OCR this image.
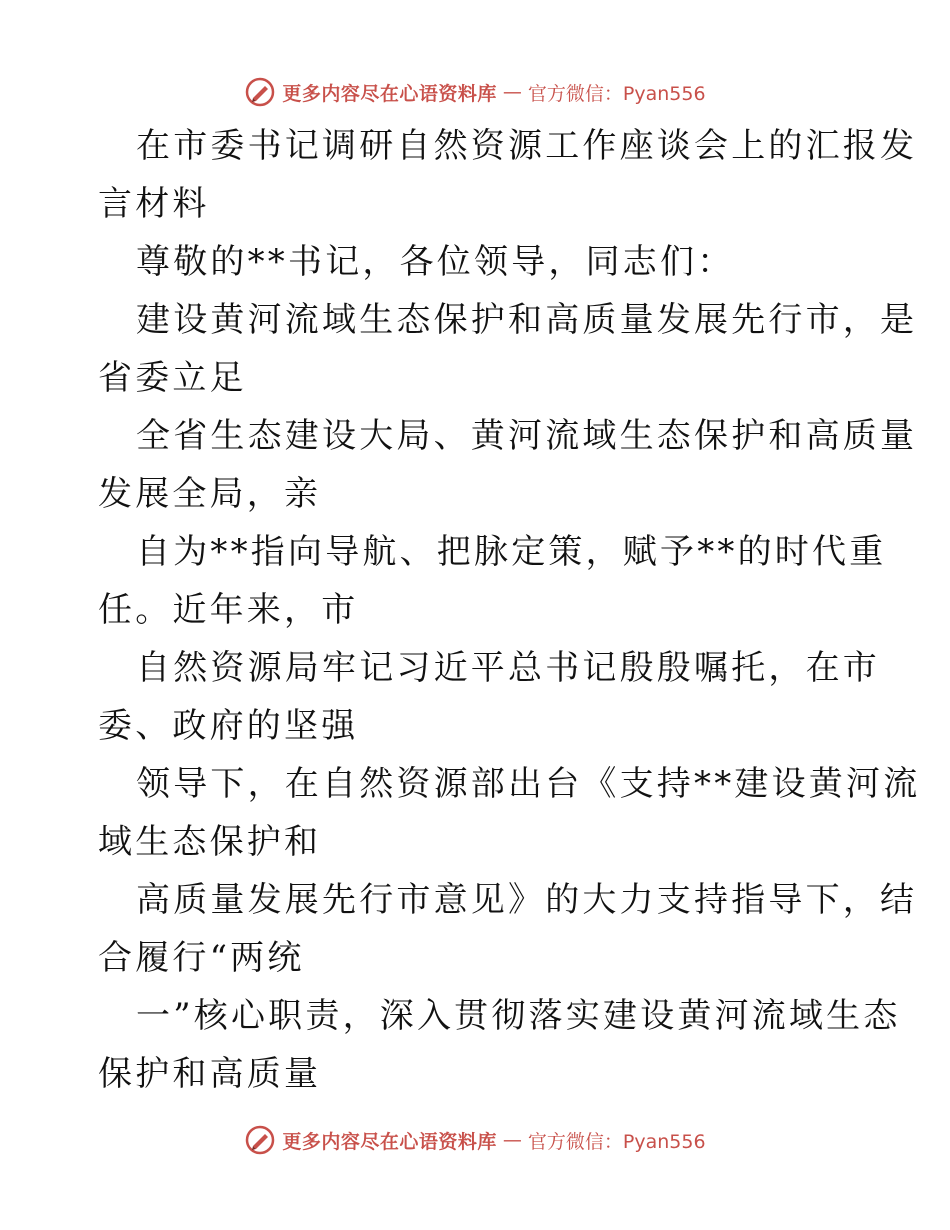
更多内容尽在心语资料库 — 官方微信：Pyan556

在市委书记调研自然资源工作座谈会上的汇报发

言材料

尊敬的**书记，各位领导，同志们：

建设黄河流域生态保护和高质量发展先行市，是

省委立足

全省生态建设大局、黄河流域生态保护和高质量

发展全局，亲

自为**指向导航、把脉定策，赋予**的时代重

任。近年来，市

自然资源局牢记习近平总书记殷殷嘱托，在市

委、政府的坚强

领导下，在自然资源部出台《支持**建设黄河流

域生态保护和

高质量发展先行市意见》的大力支持指导下，结

合履行“两统

一”核心职责，深入贯彻落实建设黄河流域生态

保护和高质量

更多内容尽在心语资料库 — 官方微信：Pyan556
